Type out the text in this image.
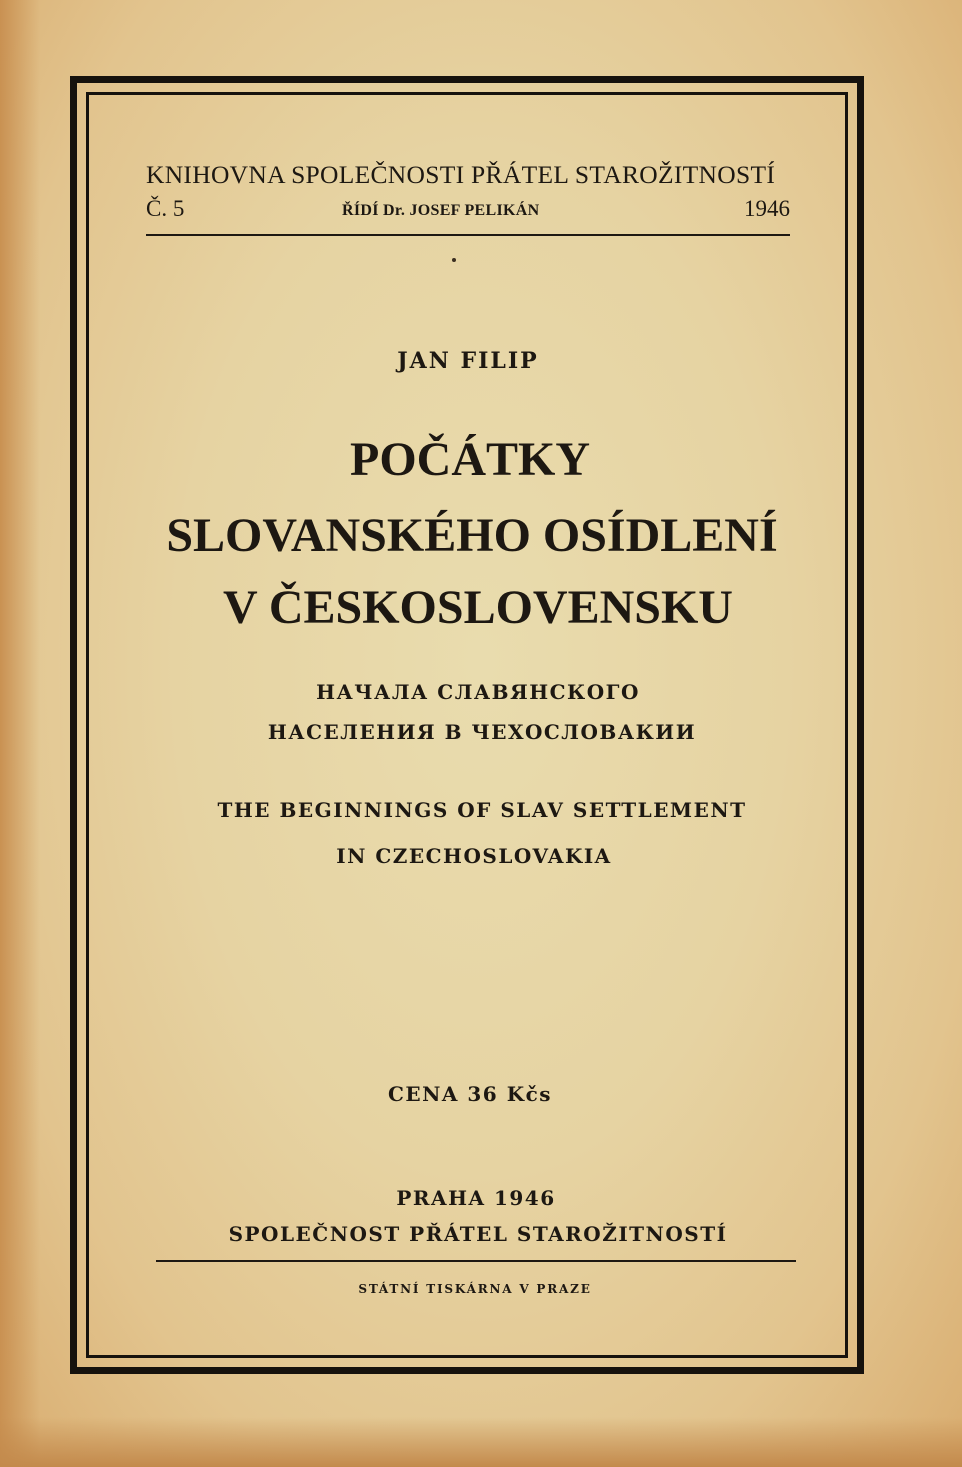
KNIHOVNA SPOLEČNOSTI PŘÁTEL STAROŽITNOSTÍ
Č. 5	ŘÍDÍ Dr. JOSEF PELIKÁN	1946
JAN FILIP
POČÁTKY
SLOVANSKÉHO OSÍDLENÍ
V ČESKOSLOVENSKU
НАЧАЛА СЛАВЯНСКОГО
НАСЕЛЕНИЯ В ЧЕХОСЛОВАКИИ
THE BEGINNINGS OF SLAV SETTLEMENT
IN CZECHOSLOVAKIA
CENA 36 Kčs
PRAHA 1946
SPOLEČNOST PŘÁTEL STAROŽITNOSTÍ
STÁTNÍ TISKÁRNA V PRAZE
